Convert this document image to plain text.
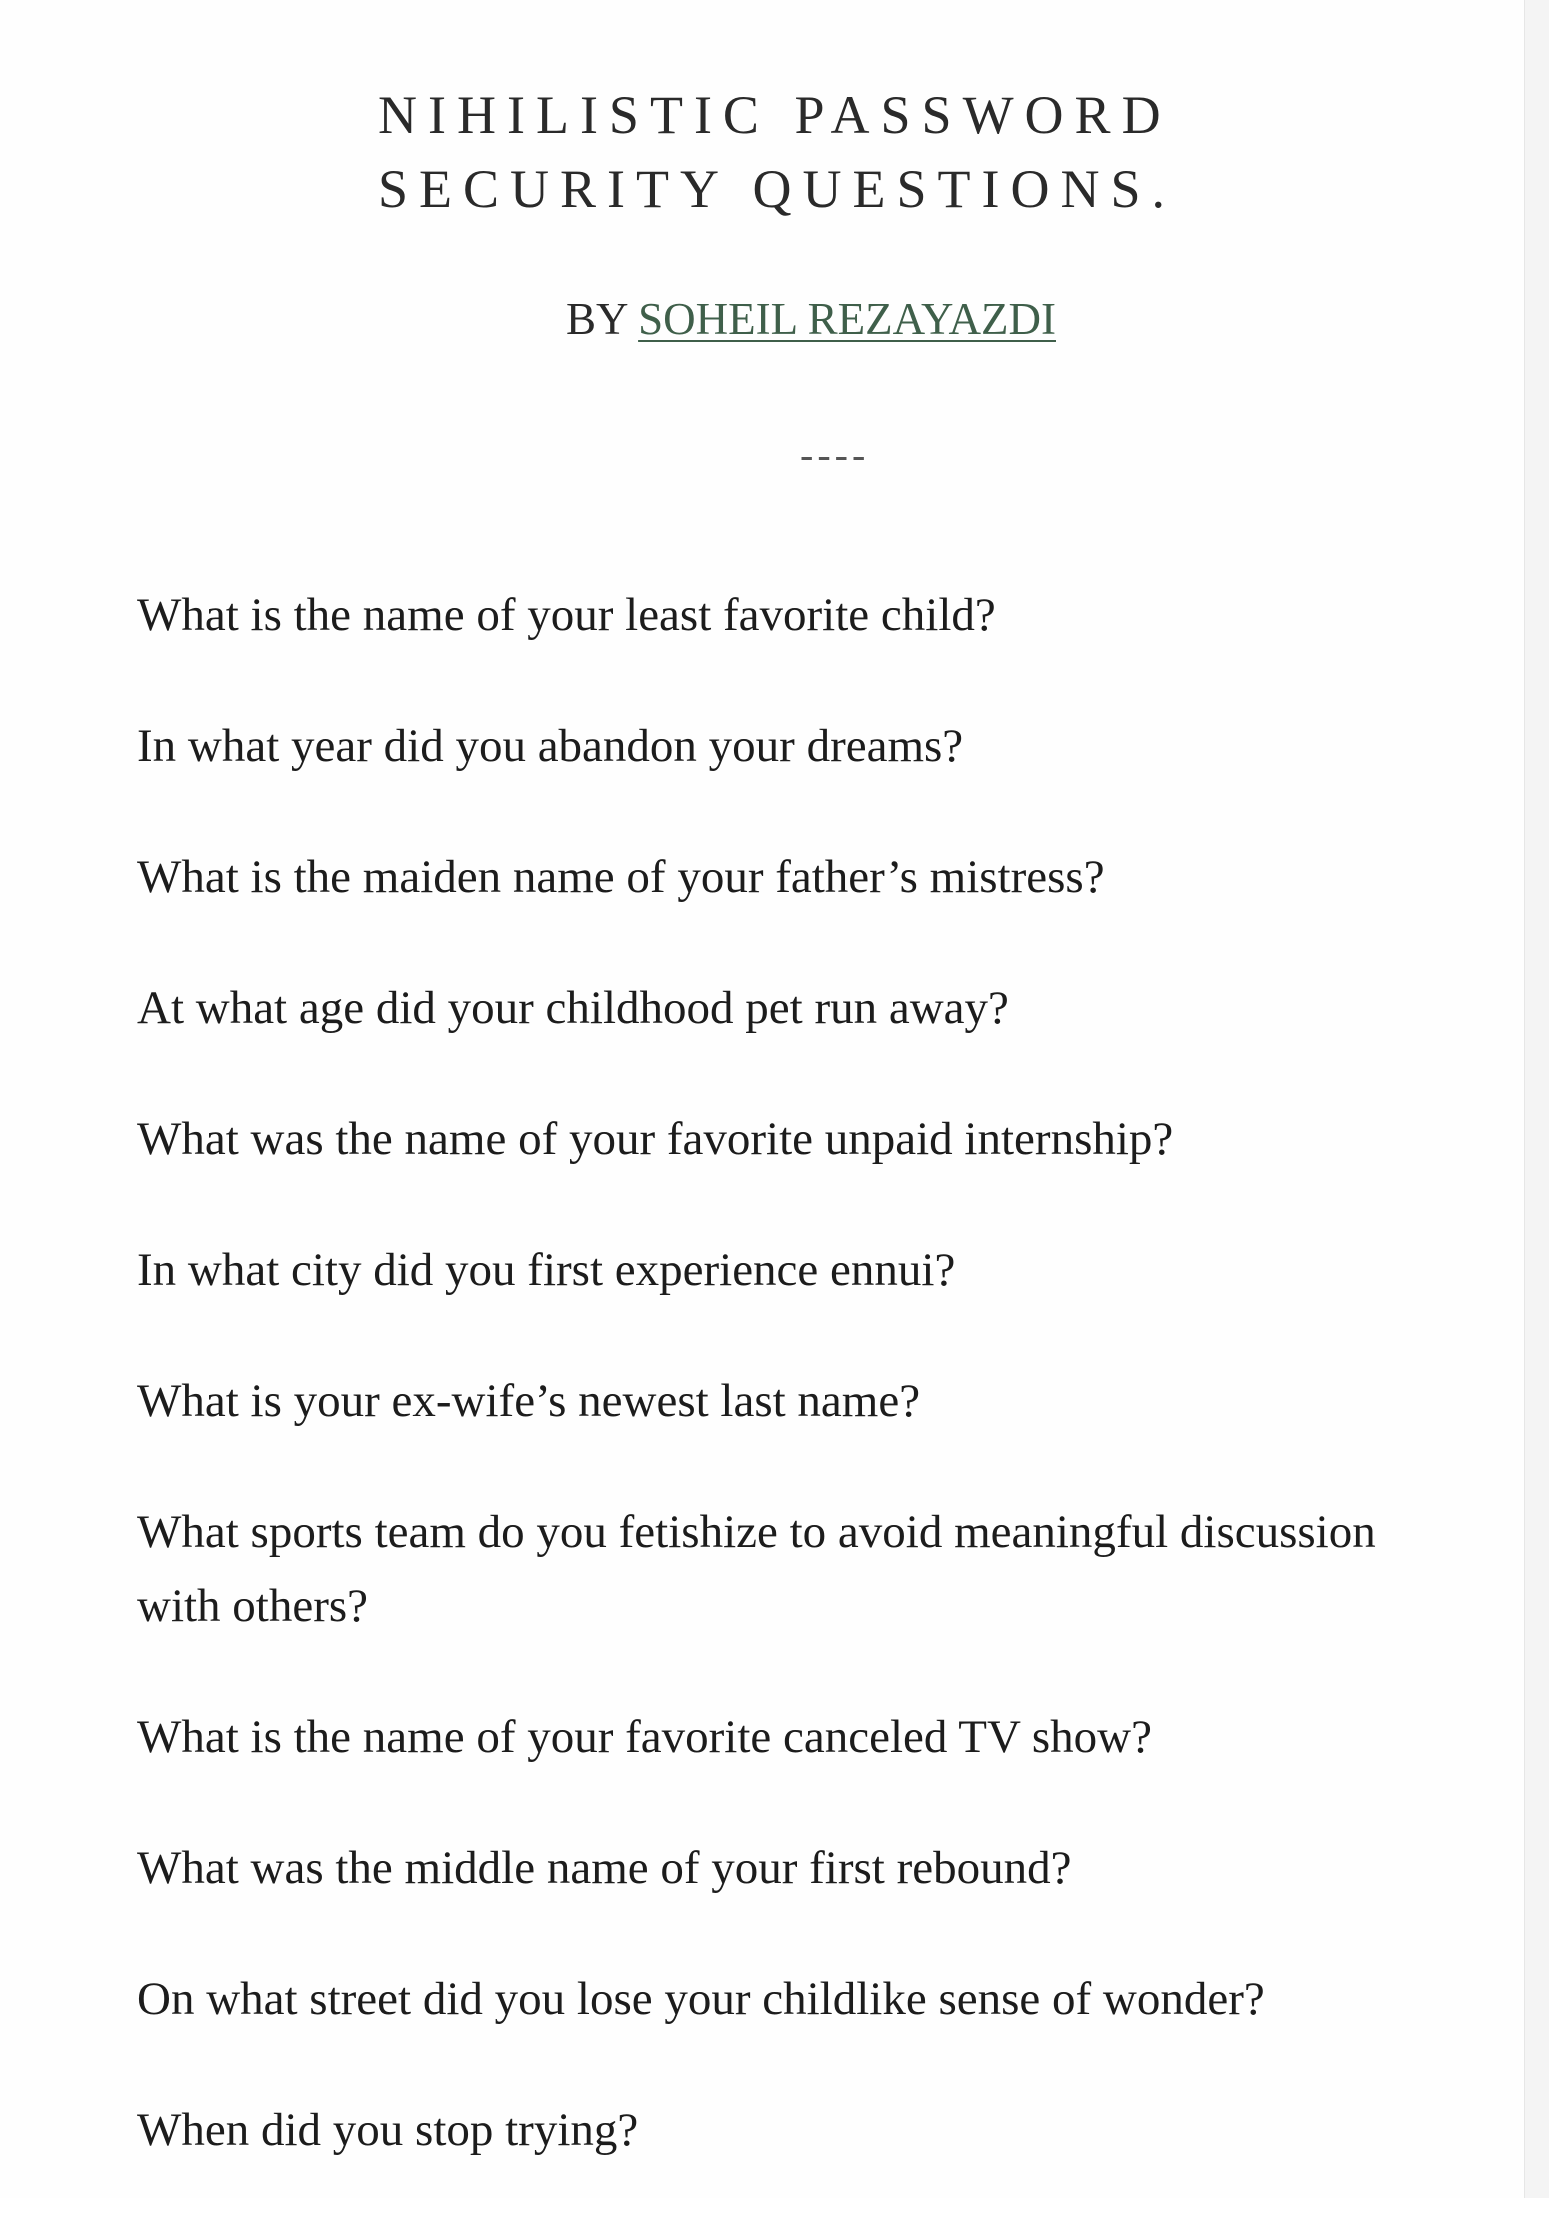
NIHILISTIC PASSWORD
SECURITY QUESTIONS.
BY SOHEIL REZAYAZDI
----
What is the name of your least favorite child?
In what year did you abandon your dreams?
What is the maiden name of your father’s mistress?
At what age did your childhood pet run away?
What was the name of your favorite unpaid internship?
In what city did you first experience ennui?
What is your ex-wife’s newest last name?
What sports team do you fetishize to avoid meaningful discussion with others?
What is the name of your favorite canceled TV show?
What was the middle name of your first rebound?
On what street did you lose your childlike sense of wonder?
When did you stop trying?
